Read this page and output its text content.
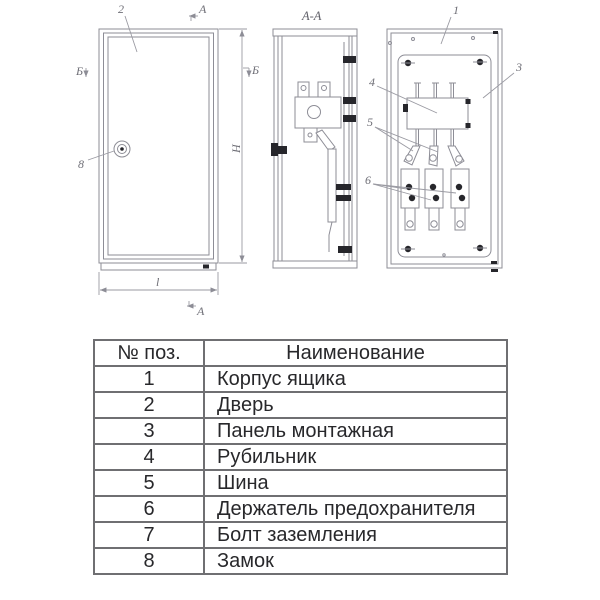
2
8
А
А
Б	Б
H
l
А-А	1
3
4
5
6
№ поз.	Наименование
1	Корпус ящика
2	Дверь
3	Панель монтажная
4	Рубильник
5	Шина
6	Держатель предохранителя
7	Болт заземления
8	Замок
